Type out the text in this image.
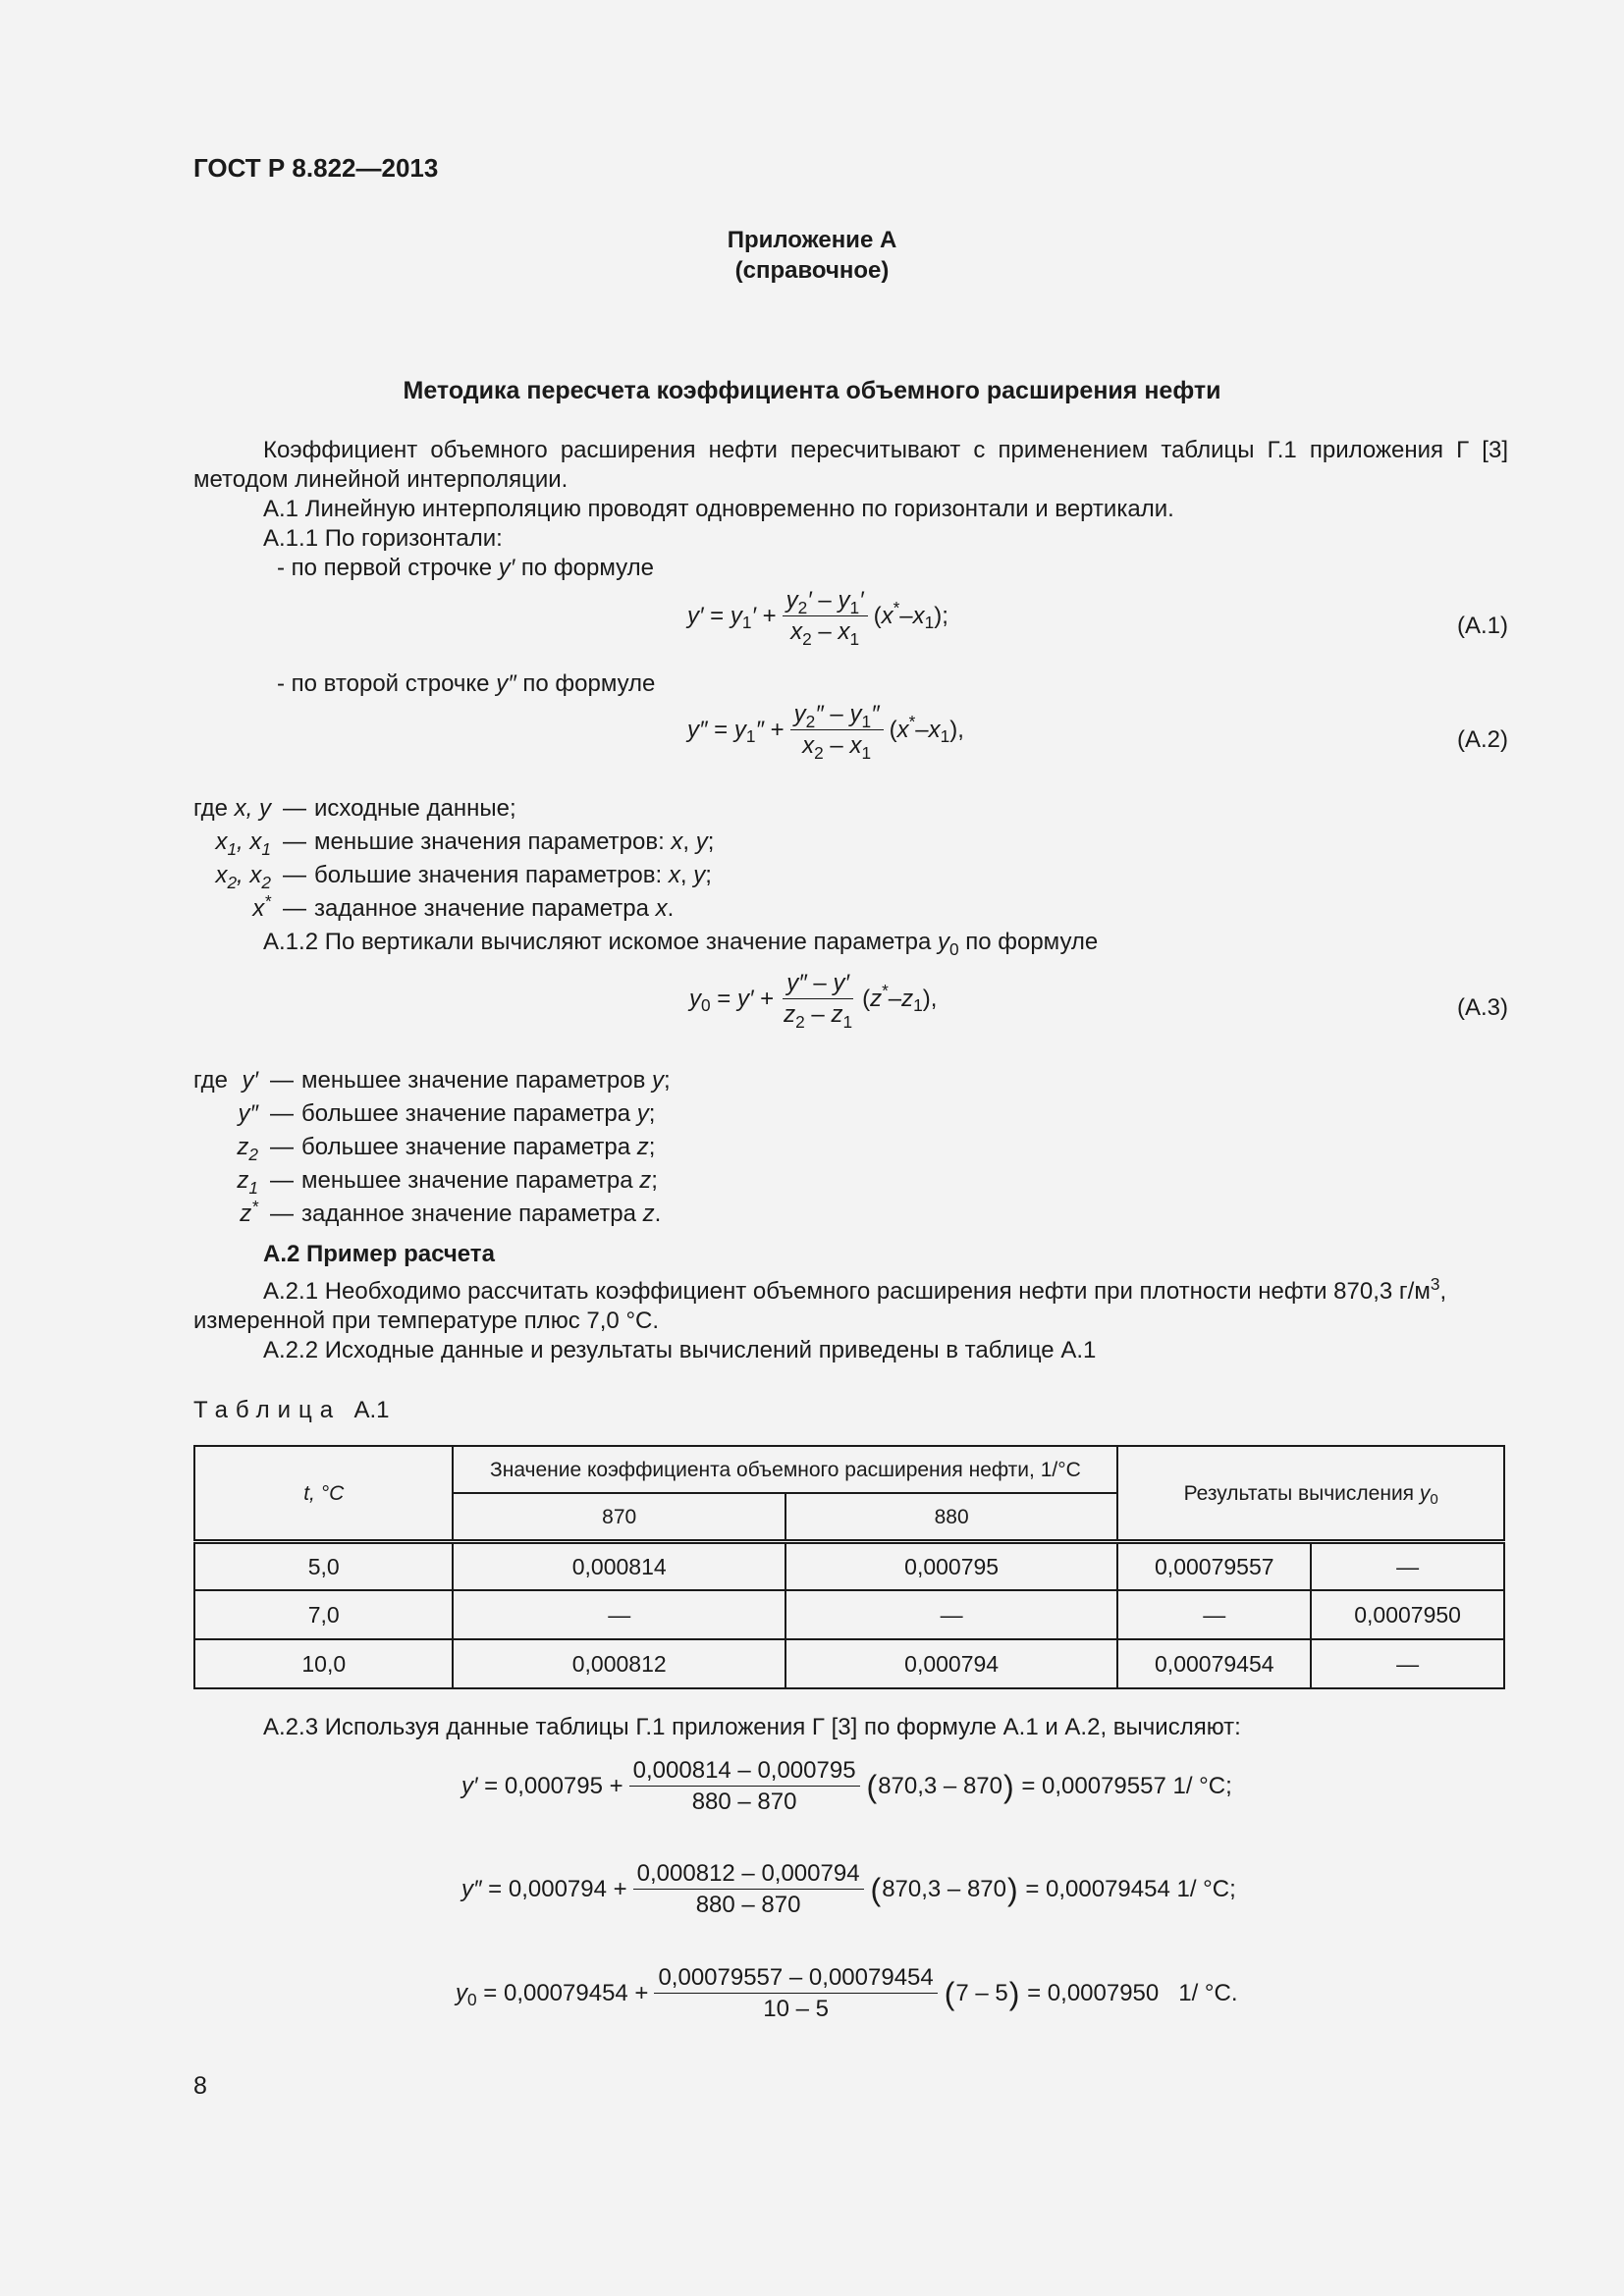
ГОСТ Р 8.822—2013
Приложение А
(справочное)
Методика пересчета коэффициента объемного расширения нефти
Коэффициент объемного расширения нефти пересчитывают с применением таблицы Г.1 приложения Г [3]
методом линейной интерполяции.
А.1 Линейную интерполяцию проводят одновременно по горизонтали и вертикали.
А.1.1 По горизонтали:
- по первой строчке y′ по формуле
$y' = y_1$ ′ + $\frac{y_2' - y_1'}{x_2 - x_1}$ ( $x^* - x_1$ );	(А.1)
- по второй строчке y″ по формуле
$y'' = y_1$ ″ + $\frac{y_2'' - y_1''}{x_2 - x_1}$ ( $x^* - x_1$ ),	(А.2)
где x, y — исходные данные;
$x_1$, $x_1$ — меньшие значения параметров: x, y;
$x_2$, $x_2$ — большие значения параметров: x, y;
x* — заданное значение параметра x.
А.1.2 По вертикали вычисляют искомое значение параметра $y_0$ по формуле
$y_0 = y' + \frac{y'' - y'}{z_2 - z_1}$ ( $z^* - z_1$ ),	(А.3)
где y′ — меньшее значение параметров y;
y″ — большее значение параметра y;
$z_2$ — большее значение параметра z;
$z_1$ — меньшее значение параметра z;
z* — заданное значение параметра z.
А.2 Пример расчета
А.2.1 Необходимо рассчитать коэффициент объемного расширения нефти при плотности нефти 870,3 $г/м^3$,
измеренной при температуре плюс 7,0 °С.
А.2.2 Исходные данные и результаты вычислений приведены в таблице А.1
Таблица А.1
t, °С	Значение коэффициента объемного расширения нефти, 1/°С		Результаты вычисления $y_0$
	870	880		
5,0	0,000814	0,000795	0,00079557	—
7,0	—	—	—	0,0007950
10,0	0,000812	0,000794	0,00079454	—
А.2.3 Используя данные таблицы Г.1 приложения Г [3] по формуле А.1 и А.2, вычисляют:
$y' = 0,000795 + \frac{0,000814 - 0,000795}{880 - 870}$ ( 870,3 – 870 ) = 0,00079557 1/ °С;
$y'' = 0,000794 + \frac{0,000812 - 0,000794}{880 - 870}$ ( 870,3 – 870 ) = 0,00079454 1/ °С;
$y_0 = 0,00079454 + \frac{0,00079557 - 0,00079454}{10 - 5}$ ( 7 – 5 ) = 0,0007950   1/ °С.
8
